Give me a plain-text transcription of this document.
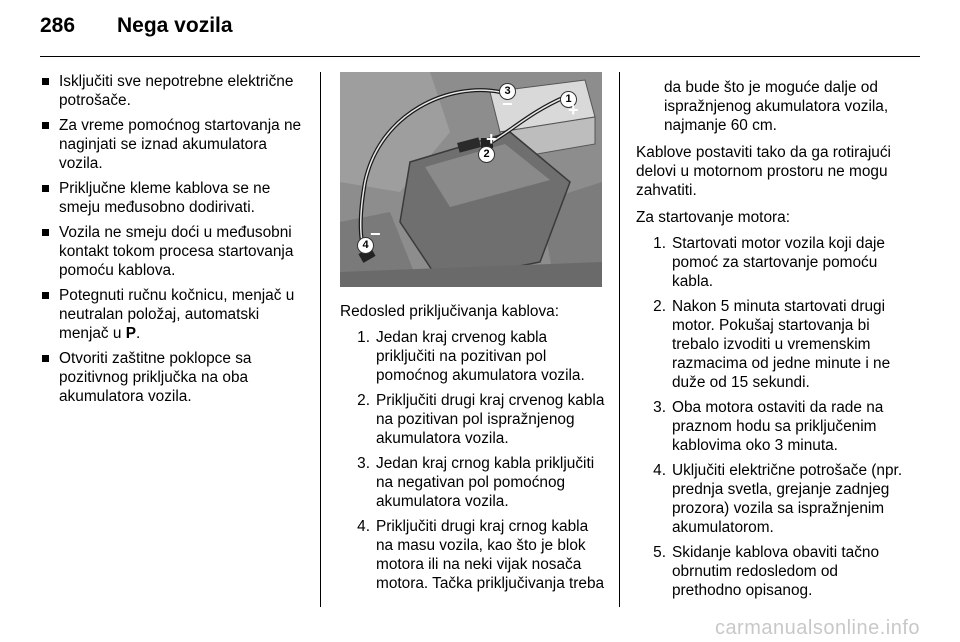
286 Nega vozila
Isključiti sve nepotrebne električne potrošače.
Za vreme pomoćnog startovanja ne naginjati se iznad akumulatora vozila.
Priključne kleme kablova se ne smeju međusobno dodirivati.
Vozila ne smeju doći u međusobni kontakt tokom procesa startovanja pomoću kablova.
Potegnuti ručnu kočnicu, menjač u neutralan položaj, automatski menjač u P.
Otvoriti zaštitne poklopce sa pozitivnog priključka na oba akumulatora vozila.
1
2
3
4
+
+
−
−
Redosled priključivanja kablova:
1. Jedan kraj crvenog kabla priključiti na pozitivan pol pomoćnog akumulatora vozila.
2. Priključiti drugi kraj crvenog kabla na pozitivan pol ispražnjenog akumulatora vozila.
3. Jedan kraj crnog kabla priključiti na negativan pol pomoćnog akumulatora vozila.
4. Priključiti drugi kraj crnog kabla na masu vozila, kao što je blok motora ili na neki vijak nosača motora. Tačka priključivanja treba
da bude što je moguće dalje od ispražnjenog akumulatora vozila, najmanje 60 cm.
Kablove postaviti tako da ga rotirajući delovi u motornom prostoru ne mogu zahvatiti.
Za startovanje motora:
1. Startovati motor vozila koji daje pomoć za startovanje pomoću kabla.
2. Nakon 5 minuta startovati drugi motor. Pokušaj startovanja bi trebalo izvoditi u vremenskim razmacima od jedne minute i ne duže od 15 sekundi.
3. Oba motora ostaviti da rade na praznom hodu sa priključenim kablovima oko 3 minuta.
4. Uključiti električne potrošače (npr. prednja svetla, grejanje zadnjeg prozora) vozila sa ispražnjenim akumulatorom.
5. Skidanje kablova obaviti tačno obrnutim redosledom od prethodno opisanog.
carmanualsonline.info
